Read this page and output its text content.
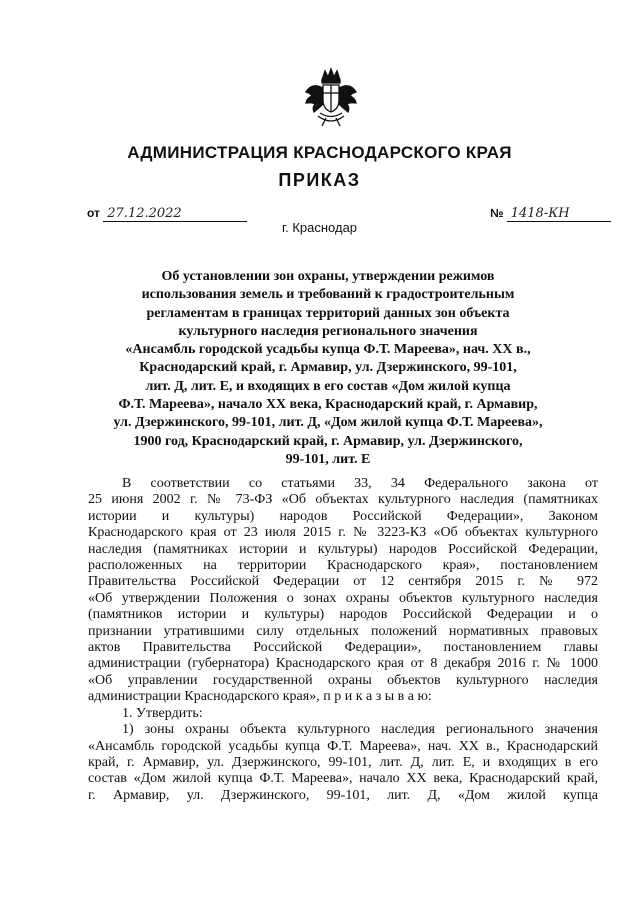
АДМИНИСТРАЦИЯ КРАСНОДАРСКОГО КРАЯ
ПРИКАЗ
от 27.12.2022	№ 1418-КН
г. Краснодар
Об установлении зон охраны, утверждении режимов
использования земель и требований к градостроительным
регламентам в границах территорий данных зон объекта
культурного наследия регионального значения
«Ансамбль городской усадьбы купца Ф.Т. Мареева», нач. XX в.,
Краснодарский край, г. Армавир, ул. Дзержинского, 99-101,
лит. Д, лит. Е, и входящих в его состав «Дом жилой купца
Ф.Т. Мареева», начало XX века, Краснодарский край, г. Армавир,
ул. Дзержинского, 99-101, лит. Д, «Дом жилой купца Ф.Т. Мареева»,
1900 год, Краснодарский край, г. Армавир, ул. Дзержинского,
99-101, лит. Е
В соответствии со статьями 33, 34 Федерального закона от
25 июня 2002 г. № 73-ФЗ «Об объектах культурного наследия (памятниках
истории и культуры) народов Российской Федерации», Законом
Краснодарского края от 23 июля 2015 г. № 3223-КЗ «Об объектах культурного
наследия (памятниках истории и культуры) народов Российской Федерации,
расположенных на территории Краснодарского края», постановлением
Правительства Российской Федерации от 12 сентября 2015 г. № 972
«Об утверждении Положения о зонах охраны объектов культурного наследия
(памятников истории и культуры) народов Российской Федерации и о
признании утратившими силу отдельных положений нормативных правовых
актов Правительства Российской Федерации», постановлением главы
администрации (губернатора) Краснодарского края от 8 декабря 2016 г. № 1000
«Об управлении государственной охраны объектов культурного наследия
администрации Краснодарского края», п р и к а з ы в а ю:
1. Утвердить:
1) зоны охраны объекта культурного наследия регионального значения
«Ансамбль городской усадьбы купца Ф.Т. Мареева», нач. XX в., Краснодарский
край, г. Армавир, ул. Дзержинского, 99-101, лит. Д, лит. Е, и входящих в его
состав «Дом жилой купца Ф.Т. Мареева», начало XX века, Краснодарский край,
г. Армавир, ул. Дзержинского, 99-101, лит. Д, «Дом жилой купца
